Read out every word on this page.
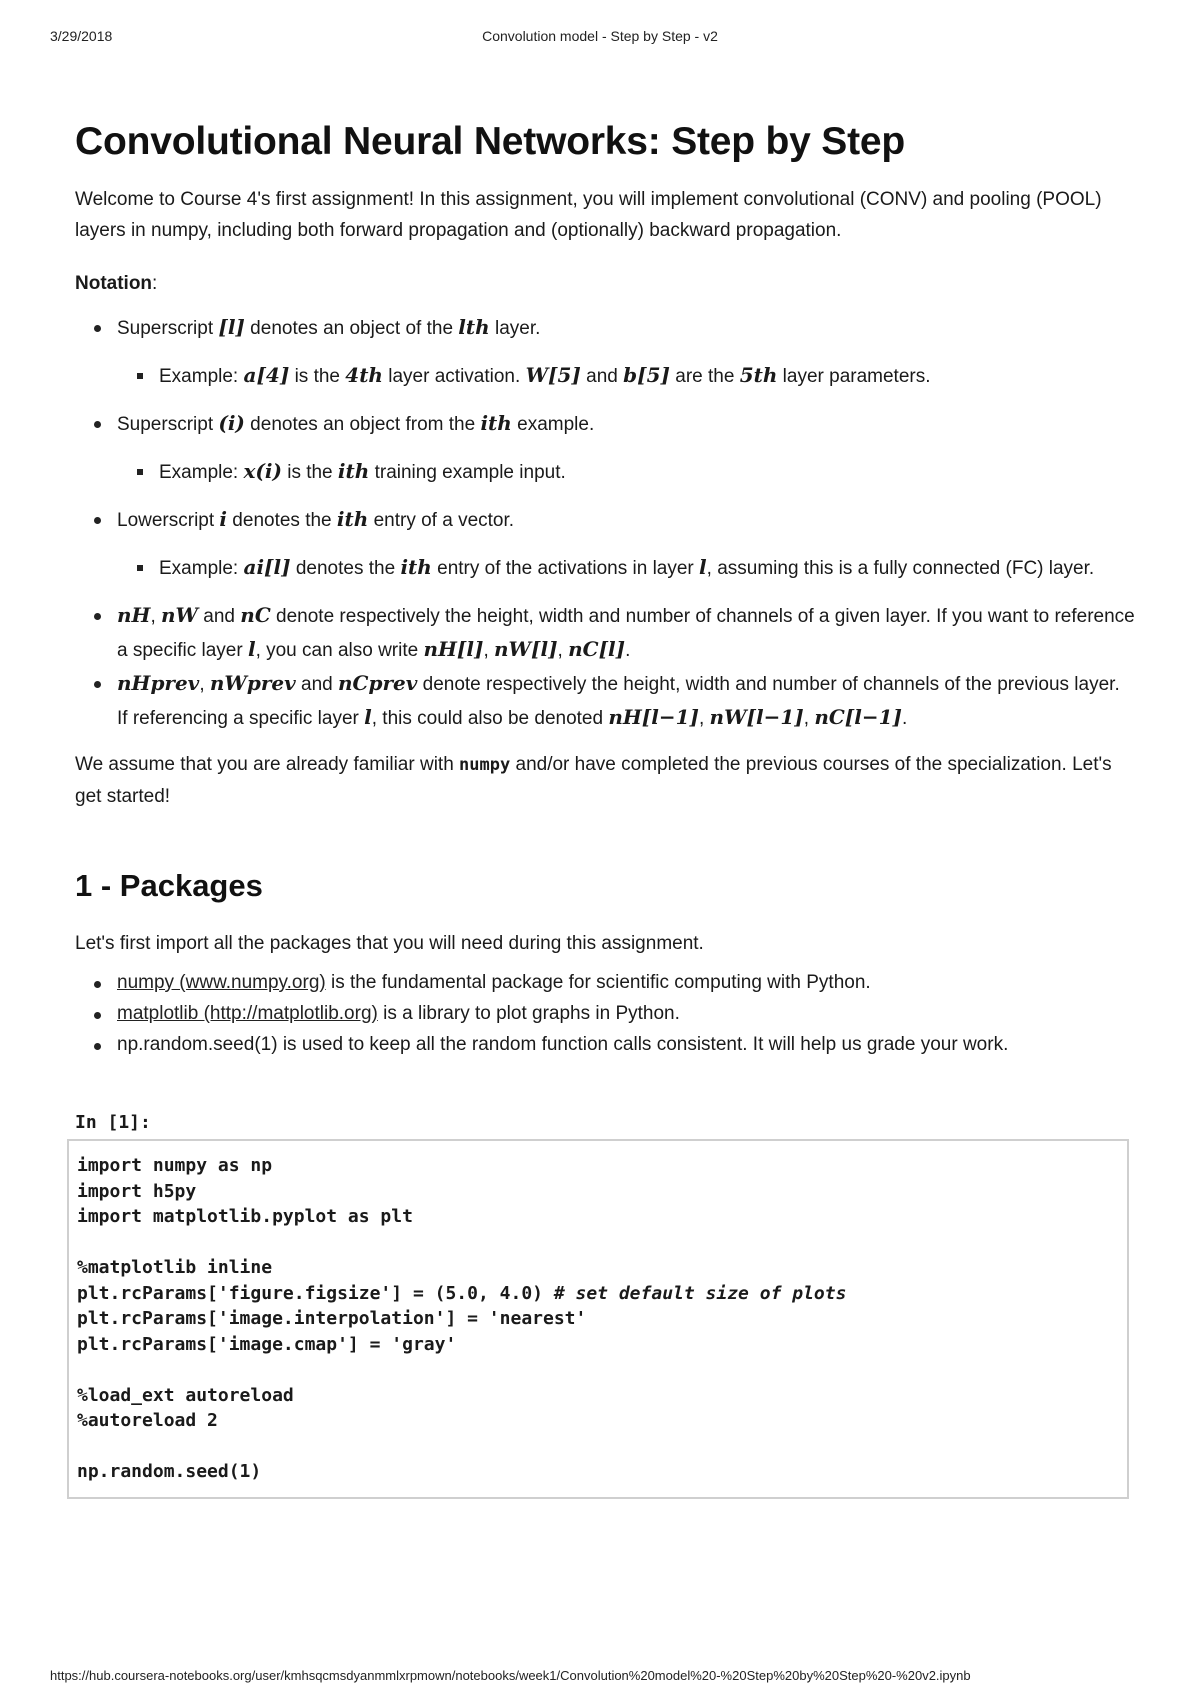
3/29/2018	Convolution model - Step by Step - v2
Convolutional Neural Networks: Step by Step

Welcome to Course 4's first assignment! In this assignment, you will implement convolutional (CONV) and pooling (POOL) layers in numpy, including both forward propagation and (optionally) backward propagation.

Notation:

Superscript [l] denotes an object of the lth layer.
Example: a[4] is the 4th layer activation. W[5] and b[5] are the 5th layer parameters.
Superscript (i) denotes an object from the ith example.
Example: x(i) is the ith training example input.
Lowerscript i denotes the ith entry of a vector.
Example: ai[l] denotes the ith entry of the activations in layer l, assuming this is a fully connected (FC) layer.
nH, nW and nC denote respectively the height, width and number of channels of a given layer. If you want to reference a specific layer l, you can also write nH[l], nW[l], nC[l].
nHprev, nWprev and nCprev denote respectively the height, width and number of channels of the previous layer. If referencing a specific layer l, this could also be denoted nH[l−1], nW[l−1], nC[l−1].

We assume that you are already familiar with numpy and/or have completed the previous courses of the specialization. Let's get started!

1 - Packages

Let's first import all the packages that you will need during this assignment.

numpy (www.numpy.org) is the fundamental package for scientific computing with Python.
matplotlib (http://matplotlib.org) is a library to plot graphs in Python.
np.random.seed(1) is used to keep all the random function calls consistent. It will help us grade your work.
In [1]:
import numpy as np
import h5py
import matplotlib.pyplot as plt
%matplotlib inline
plt.rcParams['figure.figsize'] = (5.0, 4.0) # set default size of plots
plt.rcParams['image.interpolation'] = 'nearest'
plt.rcParams['image.cmap'] = 'gray'
%load_ext autoreload
%autoreload 2
np.random.seed(1)
https://hub.coursera-notebooks.org/user/kmhsqcmsdyanmmlxrpmown/notebooks/week1/Convolution%20model%20-%20Step%20by%20Step%20-%20v2.ipynb
